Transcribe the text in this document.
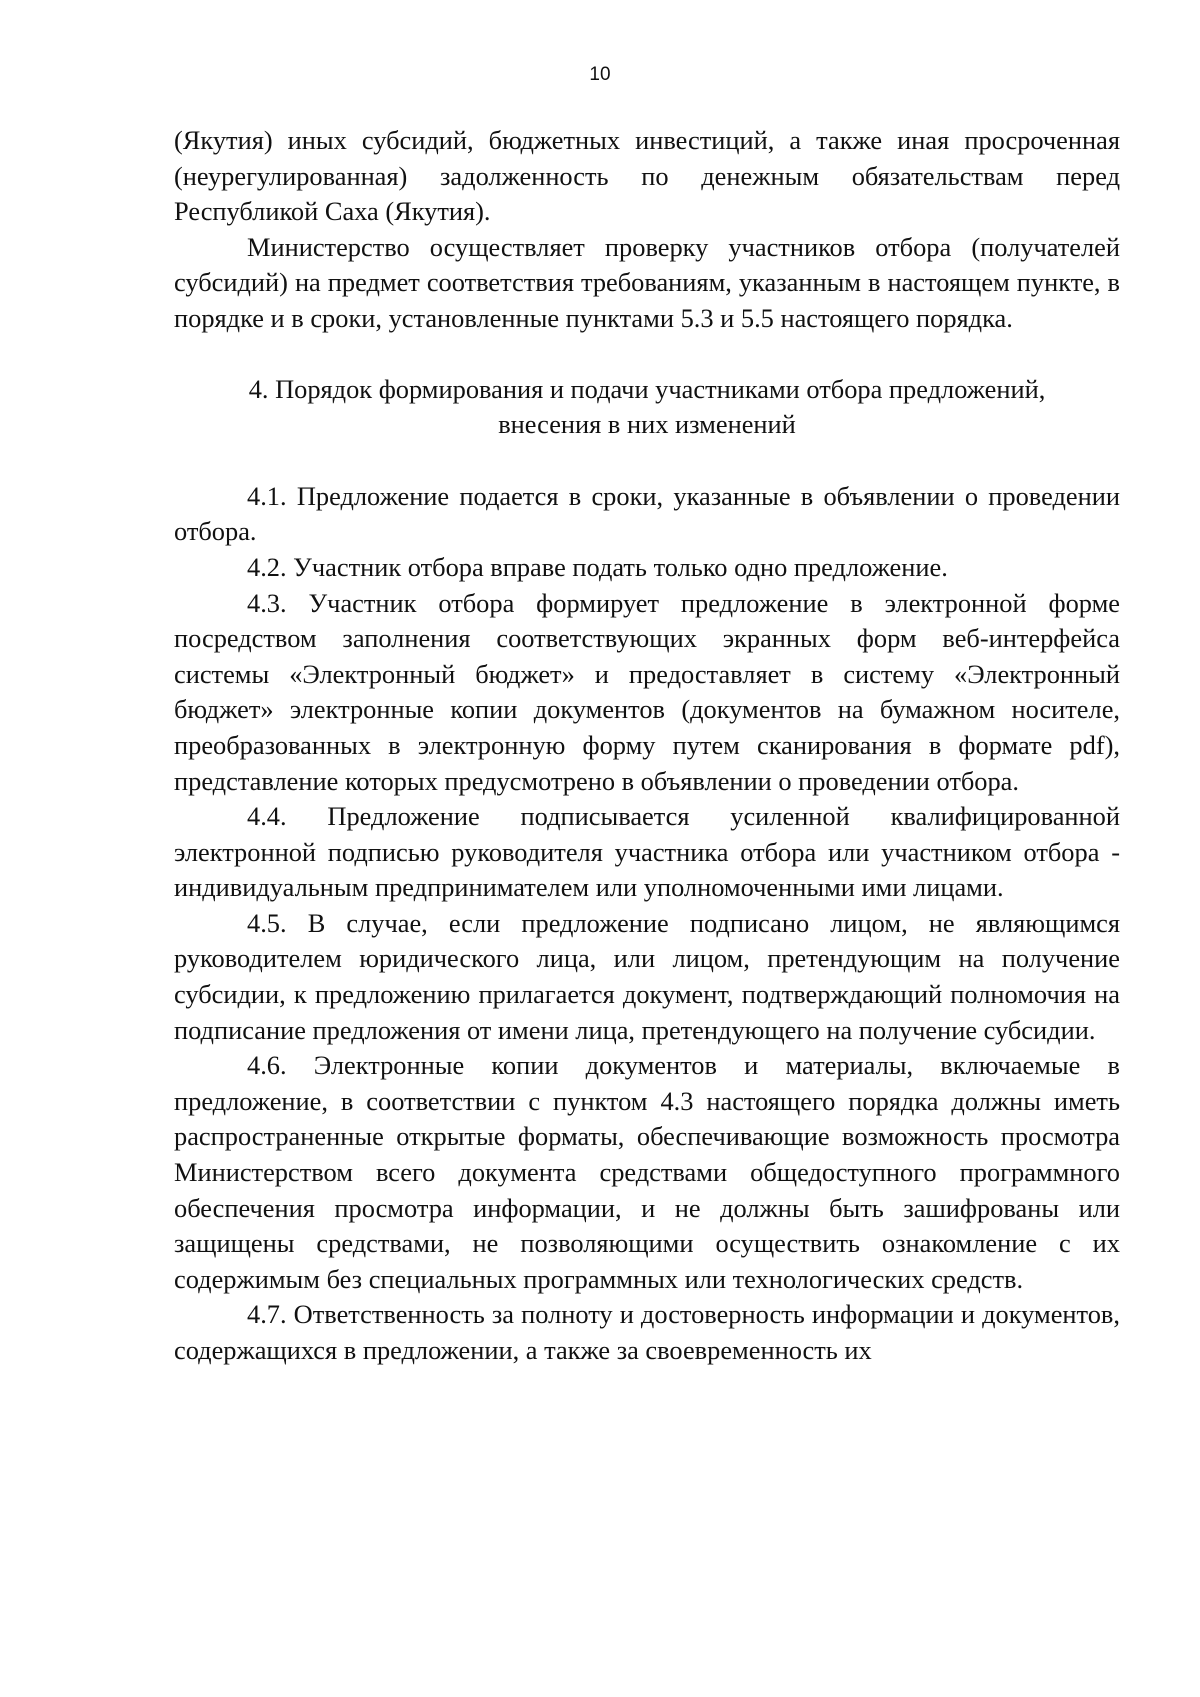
10

(Якутия) иных субсидий, бюджетных инвестиций, а также иная просроченная (неурегулированная) задолженность по денежным обязательствам перед Республикой Саха (Якутия).

Министерство осуществляет проверку участников отбора (получателей субсидий) на предмет соответствия требованиям, указанным в настоящем пункте, в порядке и в сроки, установленные пунктами 5.3 и 5.5 настоящего порядка.

4. Порядок формирования и подачи участниками отбора предложений,
внесения в них изменений

4.1. Предложение подается в сроки, указанные в объявлении о проведении отбора.

4.2. Участник отбора вправе подать только одно предложение.

4.3. Участник отбора формирует предложение в электронной форме посредством заполнения соответствующих экранных форм веб-интерфейса системы «Электронный бюджет» и предоставляет в систему «Электронный бюджет» электронные копии документов (документов на бумажном носителе, преобразованных в электронную форму путем сканирования в формате pdf), представление которых предусмотрено в объявлении о проведении отбора.

4.4. Предложение подписывается усиленной квалифицированной электронной подписью руководителя участника отбора или участником отбора - индивидуальным предпринимателем или уполномоченными ими лицами.

4.5. В случае, если предложение подписано лицом, не являющимся руководителем юридического лица, или лицом, претендующим на получение субсидии, к предложению прилагается документ, подтверждающий полномочия на подписание предложения от имени лица, претендующего на получение субсидии.

4.6. Электронные копии документов и материалы, включаемые в предложение, в соответствии с пунктом 4.3 настоящего порядка должны иметь распространенные открытые форматы, обеспечивающие возможность просмотра Министерством всего документа средствами общедоступного программного обеспечения просмотра информации, и не должны быть зашифрованы или защищены средствами, не позволяющими осуществить ознакомление с их содержимым без специальных программных или технологических средств.

4.7. Ответственность за полноту и достоверность информации и документов, содержащихся в предложении, а также за своевременность их
